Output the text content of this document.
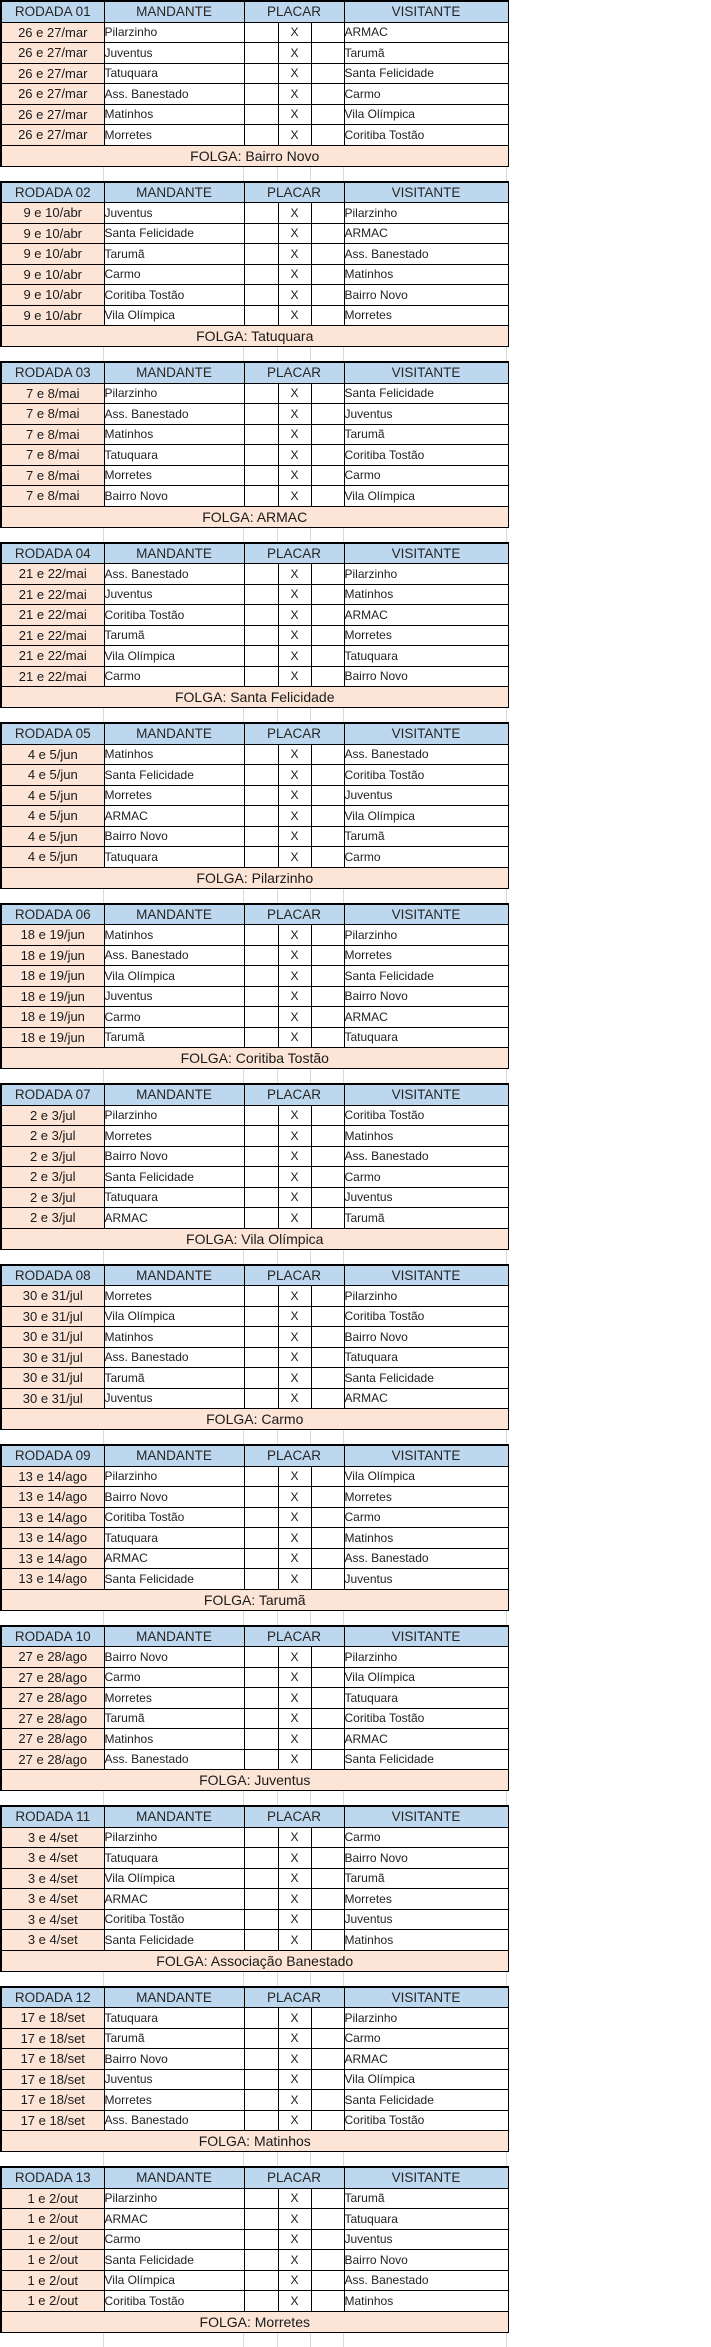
RODADA 01	MANDANTE	PLACAR			VISITANTE
26 e 27/mar	Pilarzinho		X		ARMAC
26 e 27/mar	Juventus		X		Tarumã
26 e 27/mar	Tatuquara		X		Santa Felicidade
26 e 27/mar	Ass. Banestado		X		Carmo
26 e 27/mar	Matinhos		X		Vila Olímpica
26 e 27/mar	Morretes		X		Coritiba Tostão
FOLGA: Bairro Novo					
RODADA 02	MANDANTE	PLACAR			VISITANTE
9 e 10/abr	Juventus		X		Pilarzinho
9 e 10/abr	Santa Felicidade		X		ARMAC
9 e 10/abr	Tarumã		X		Ass. Banestado
9 e 10/abr	Carmo		X		Matinhos
9 e 10/abr	Coritiba Tostão		X		Bairro Novo
9 e 10/abr	Vila Olímpica		X		Morretes
FOLGA: Tatuquara					
RODADA 03	MANDANTE	PLACAR			VISITANTE
7 e 8/mai	Pilarzinho		X		Santa Felicidade
7 e 8/mai	Ass. Banestado		X		Juventus
7 e 8/mai	Matinhos		X		Tarumã
7 e 8/mai	Tatuquara		X		Coritiba Tostão
7 e 8/mai	Morretes		X		Carmo
7 e 8/mai	Bairro Novo		X		Vila Olímpica
FOLGA: ARMAC					
RODADA 04	MANDANTE	PLACAR			VISITANTE
21 e 22/mai	Ass. Banestado		X		Pilarzinho
21 e 22/mai	Juventus		X		Matinhos
21 e 22/mai	Coritiba Tostão		X		ARMAC
21 e 22/mai	Tarumã		X		Morretes
21 e 22/mai	Vila Olímpica		X		Tatuquara
21 e 22/mai	Carmo		X		Bairro Novo
FOLGA: Santa Felicidade					
RODADA 05	MANDANTE	PLACAR			VISITANTE
4 e 5/jun	Matinhos		X		Ass. Banestado
4 e 5/jun	Santa Felicidade		X		Coritiba Tostão
4 e 5/jun	Morretes		X		Juventus
4 e 5/jun	ARMAC		X		Vila Olímpica
4 e 5/jun	Bairro Novo		X		Tarumã
4 e 5/jun	Tatuquara		X		Carmo
FOLGA: Pilarzinho					
RODADA 06	MANDANTE	PLACAR			VISITANTE
18 e 19/jun	Matinhos		X		Pilarzinho
18 e 19/jun	Ass. Banestado		X		Morretes
18 e 19/jun	Vila Olímpica		X		Santa Felicidade
18 e 19/jun	Juventus		X		Bairro Novo
18 e 19/jun	Carmo		X		ARMAC
18 e 19/jun	Tarumã		X		Tatuquara
FOLGA: Coritiba Tostão					
RODADA 07	MANDANTE	PLACAR			VISITANTE
2 e 3/jul	Pilarzinho		X		Coritiba Tostão
2 e 3/jul	Morretes		X		Matinhos
2 e 3/jul	Bairro Novo		X		Ass. Banestado
2 e 3/jul	Santa Felicidade		X		Carmo
2 e 3/jul	Tatuquara		X		Juventus
2 e 3/jul	ARMAC		X		Tarumã
FOLGA: Vila Olímpica					
RODADA 08	MANDANTE	PLACAR			VISITANTE
30 e 31/jul	Morretes		X		Pilarzinho
30 e 31/jul	Vila Olímpica		X		Coritiba Tostão
30 e 31/jul	Matinhos		X		Bairro Novo
30 e 31/jul	Ass. Banestado		X		Tatuquara
30 e 31/jul	Tarumã		X		Santa Felicidade
30 e 31/jul	Juventus		X		ARMAC
FOLGA: Carmo					
RODADA 09	MANDANTE	PLACAR			VISITANTE
13 e 14/ago	Pilarzinho		X		Vila Olímpica
13 e 14/ago	Bairro Novo		X		Morretes
13 e 14/ago	Coritiba Tostão		X		Carmo
13 e 14/ago	Tatuquara		X		Matinhos
13 e 14/ago	ARMAC		X		Ass. Banestado
13 e 14/ago	Santa Felicidade		X		Juventus
FOLGA: Tarumã					
RODADA 10	MANDANTE	PLACAR			VISITANTE
27 e 28/ago	Bairro Novo		X		Pilarzinho
27 e 28/ago	Carmo		X		Vila Olímpica
27 e 28/ago	Morretes		X		Tatuquara
27 e 28/ago	Tarumã		X		Coritiba Tostão
27 e 28/ago	Matinhos		X		ARMAC
27 e 28/ago	Ass. Banestado		X		Santa Felicidade
FOLGA: Juventus					
RODADA 11	MANDANTE	PLACAR			VISITANTE
3 e 4/set	Pilarzinho		X		Carmo
3 e 4/set	Tatuquara		X		Bairro Novo
3 e 4/set	Vila Olímpica		X		Tarumã
3 e 4/set	ARMAC		X		Morretes
3 e 4/set	Coritiba Tostão		X		Juventus
3 e 4/set	Santa Felicidade		X		Matinhos
FOLGA: Associação Banestado					
RODADA 12	MANDANTE	PLACAR			VISITANTE
17 e 18/set	Tatuquara		X		Pilarzinho
17 e 18/set	Tarumã		X		Carmo
17 e 18/set	Bairro Novo		X		ARMAC
17 e 18/set	Juventus		X		Vila Olímpica
17 e 18/set	Morretes		X		Santa Felicidade
17 e 18/set	Ass. Banestado		X		Coritiba Tostão
FOLGA: Matinhos					
RODADA 13	MANDANTE	PLACAR			VISITANTE
1 e 2/out	Pilarzinho		X		Tarumã
1 e 2/out	ARMAC		X		Tatuquara
1 e 2/out	Carmo		X		Juventus
1 e 2/out	Santa Felicidade		X		Bairro Novo
1 e 2/out	Vila Olímpica		X		Ass. Banestado
1 e 2/out	Coritiba Tostão		X		Matinhos
FOLGA: Morretes					
